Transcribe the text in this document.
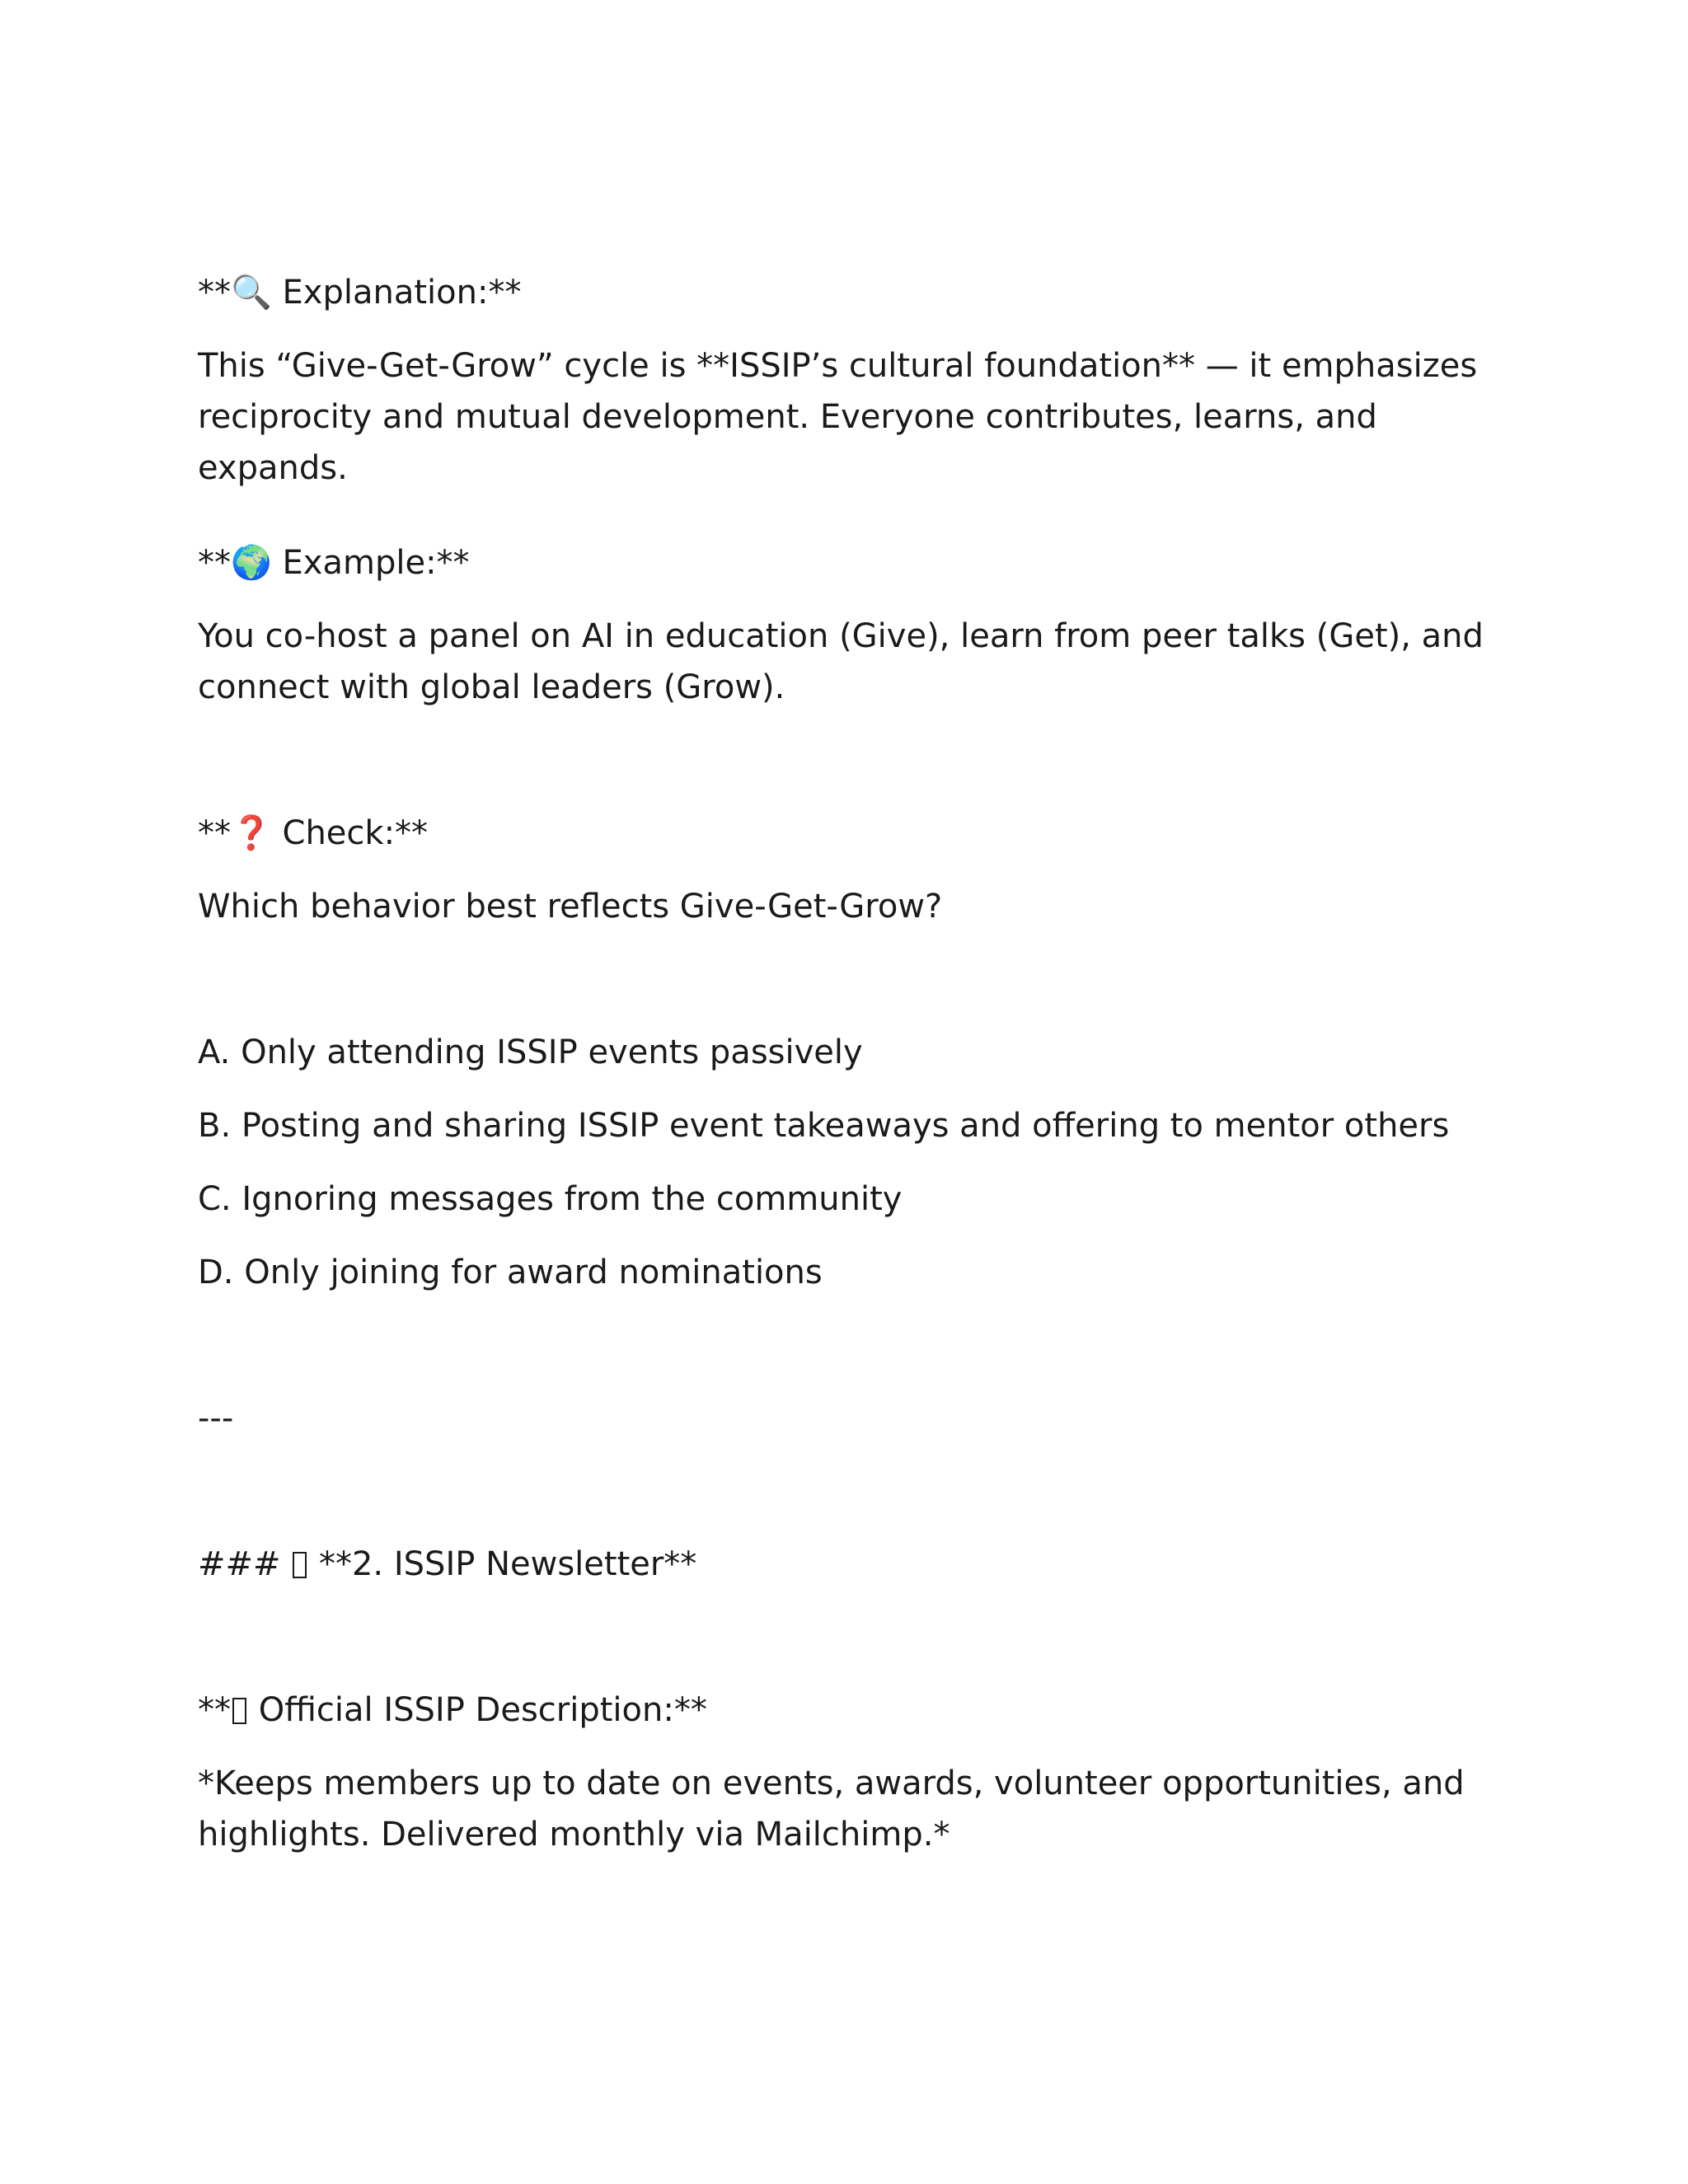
**🔍 Explanation:**

This “Give-Get-Grow” cycle is **ISSIP’s cultural foundation** — it emphasizes reciprocity and mutual development. Everyone contributes, learns, and expands.

**🌍 Example:**

You co-host a panel on AI in education (Give), learn from peer talks (Get), and connect with global leaders (Grow).

**❓ Check:**

Which behavior best reflects Give-Get-Grow?

A. Only attending ISSIP events passively

B. Posting and sharing ISSIP event takeaways and offering to mentor others

C. Ignoring messages from the community

D. Only joining for award nominations

---

###  **2. ISSIP Newsletter**

** Official ISSIP Description:**

*Keeps members up to date on events, awards, volunteer opportunities, and highlights. Delivered monthly via Mailchimp.*
